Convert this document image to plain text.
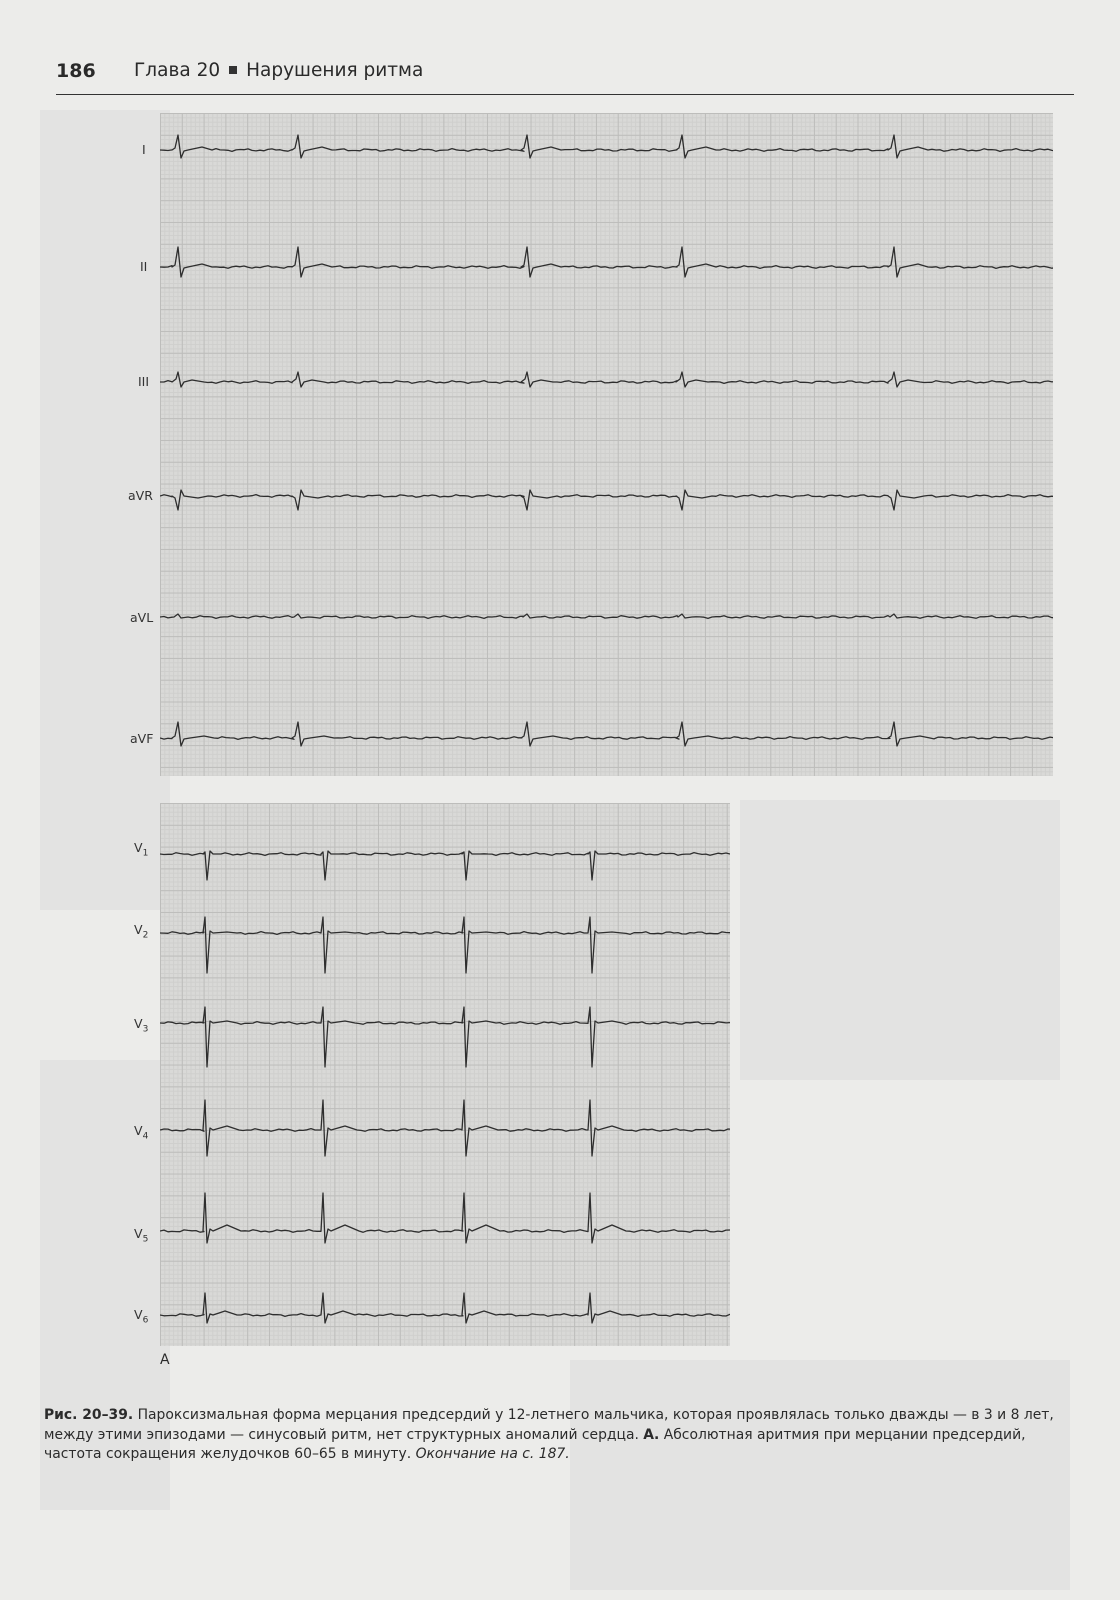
186 Глава 20 Нарушения ритма
I
II
III
aVR
aVL
aVF
$V_1$
$V_2$
$V_3$
$V_4$
$V_5$
$V_6$
A
Рис. 20–39. Пароксизмальная форма мерцания предсердий у 12-летнего мальчика, которая проявлялась только дважды — в 3 и 8 лет, между этими эпизодами — синусовый ритм, нет структурных аномалий сердца. А. Абсолютная аритмия при мерцании предсердий, частота сокращения желудочков 60–65 в минуту. Окончание на с. 187.
